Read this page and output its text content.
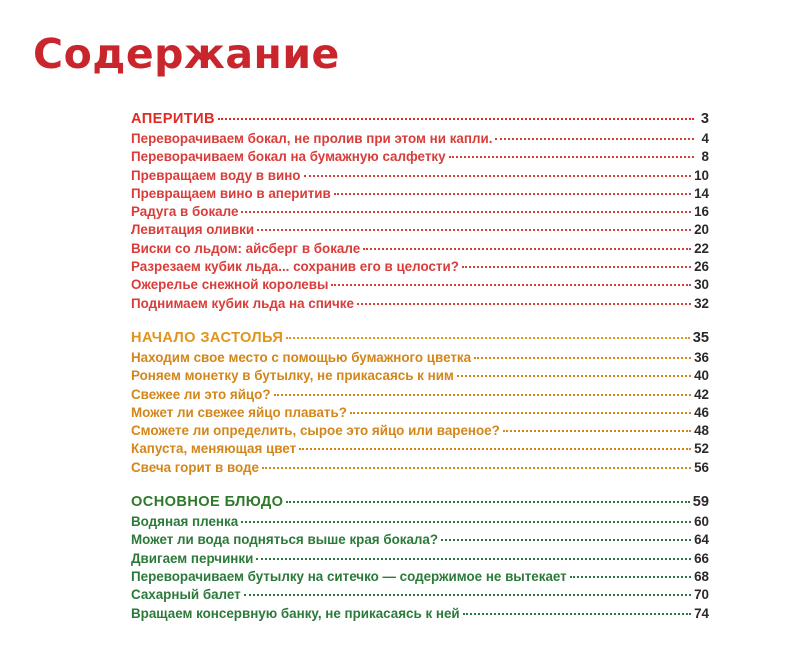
Содержание
АПЕРИТИВ	3
Переворачиваем бокал, не пролив при этом ни капли.	4
Переворачиваем бокал на бумажную салфетку	8
Превращаем воду в вино	10
Превращаем вино в аперитив	14
Радуга в бокале	16
Левитация оливки	20
Виски со льдом: айсберг в бокале	22
Разрезаем кубик льда... сохранив его в целости?	26
Ожерелье снежной королевы	30
Поднимаем кубик льда на спичке	32
НАЧАЛО ЗАСТОЛЬЯ	35
Находим свое место с помощью бумажного цветка	36
Роняем монетку в бутылку, не прикасаясь к ним	40
Свежее ли это яйцо?	42
Может ли свежее яйцо плавать?	46
Сможете ли определить, сырое это яйцо или вареное?	48
Капуста, меняющая цвет	52
Свеча горит в воде	56
ОСНОВНОЕ БЛЮДО	59
Водяная пленка	60
Может ли вода подняться выше края бокала?	64
Двигаем перчинки	66
Переворачиваем бутылку на ситечко — содержимое не вытекает	68
Сахарный балет	70
Вращаем консервную банку, не прикасаясь к ней	74
